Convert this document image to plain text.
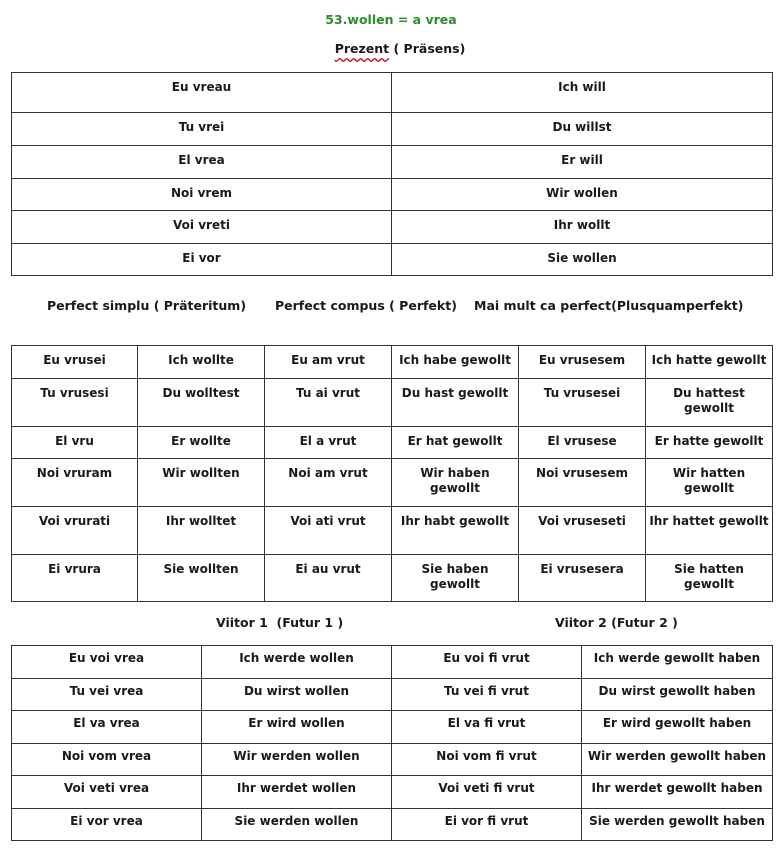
53.wollen = a vrea
Prezent ( Präsens)
Eu vreau	Ich will
Tu vrei	Du willst
El vrea	Er will
Noi vrem	Wir wollen
Voi vreti	Ihr wollt
Ei vor	Sie wollen
Perfect simplu ( Präteritum) Perfect compus ( Perfekt) Mai mult ca perfect(Plusquamperfekt)
Eu vrusei	Ich wollte	Eu am vrut	Ich habe gewollt	Eu vrusesem	Ich hatte gewollt
Tu vrusesi	Du wolltest	Tu ai vrut	Du hast gewollt	Tu vrusesei	Du hattest gewollt
El vru	Er wollte	El a vrut	Er hat gewollt	El vrusese	Er hatte gewollt
Noi vruram	Wir wollten	Noi am vrut	Wir haben gewollt	Noi vrusesem	Wir hatten gewollt
Voi vrurati	Ihr wolltet	Voi ati vrut	Ihr habt gewollt	Voi vruseseti	Ihr hattet gewollt
Ei vrura	Sie wollten	Ei au vrut	Sie haben gewollt	Ei vrusesera	Sie hatten gewollt
Viitor 1  (Futur 1 )	Viitor 2 (Futur 2 )
Eu voi vrea	Ich werde wollen	Eu voi fi vrut	Ich werde gewollt haben
Tu vei vrea	Du wirst wollen	Tu vei fi vrut	Du wirst gewollt haben
El va vrea	Er wird wollen	El va fi vrut	Er wird gewollt haben
Noi vom vrea	Wir werden wollen	Noi vom fi vrut	Wir werden gewollt haben
Voi veti vrea	Ihr werdet wollen	Voi veti fi vrut	Ihr werdet gewollt haben
Ei vor vrea	Sie werden wollen	Ei vor fi vrut	Sie werden gewollt haben
